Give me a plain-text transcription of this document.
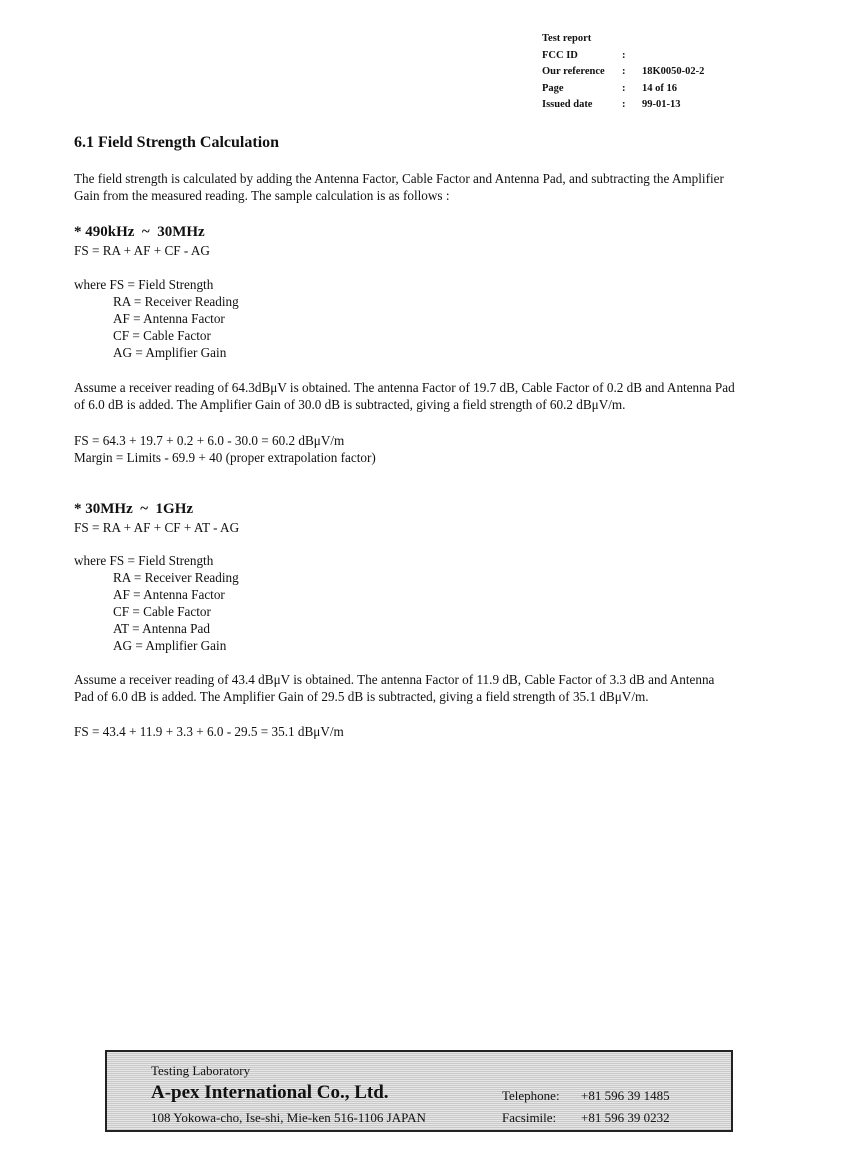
Test report		
FCC ID	:	
Our reference	:	18K0050-02-2
Page	:	14 of 16
Issued date	:	99-01-13
6.1 Field Strength Calculation
The field strength is calculated by adding the Antenna Factor, Cable Factor and Antenna Pad, and subtracting the Amplifier
Gain from the measured reading. The sample calculation is as follows :
* 490kHz  ~  30MHz
FS = RA + AF + CF - AG
where FS = Field Strength
RA = Receiver Reading
AF = Antenna Factor
CF = Cable Factor
AG = Amplifier Gain
Assume a receiver reading of 64.3dBμV is obtained. The antenna Factor of 19.7 dB, Cable Factor of 0.2 dB and Antenna Pad
of 6.0 dB is added. The Amplifier Gain of 30.0 dB is subtracted, giving a field strength of 60.2 dBμV/m.
FS = 64.3 + 19.7 + 0.2 + 6.0 - 30.0 = 60.2 dBμV/m
Margin = Limits - 69.9 + 40 (proper extrapolation factor)
* 30MHz  ~  1GHz
FS = RA + AF + CF + AT - AG
where FS = Field Strength
RA = Receiver Reading
AF = Antenna Factor
CF = Cable Factor
AT = Antenna Pad
AG = Amplifier Gain
Assume a receiver reading of 43.4 dBμV is obtained. The antenna Factor of 11.9 dB, Cable Factor of 3.3 dB and Antenna
Pad of 6.0 dB is added. The Amplifier Gain of 29.5 dB is subtracted, giving a field strength of 35.1 dBμV/m.
FS = 43.4 + 11.9 + 3.3 + 6.0 - 29.5 = 35.1 dBμV/m
Testing Laboratory
A-pex International Co., Ltd.
108 Yokowa-cho, Ise-shi, Mie-ken 516-1106 JAPAN
Telephone: +81 596 39 1485
Facsimile: +81 596 39 0232
